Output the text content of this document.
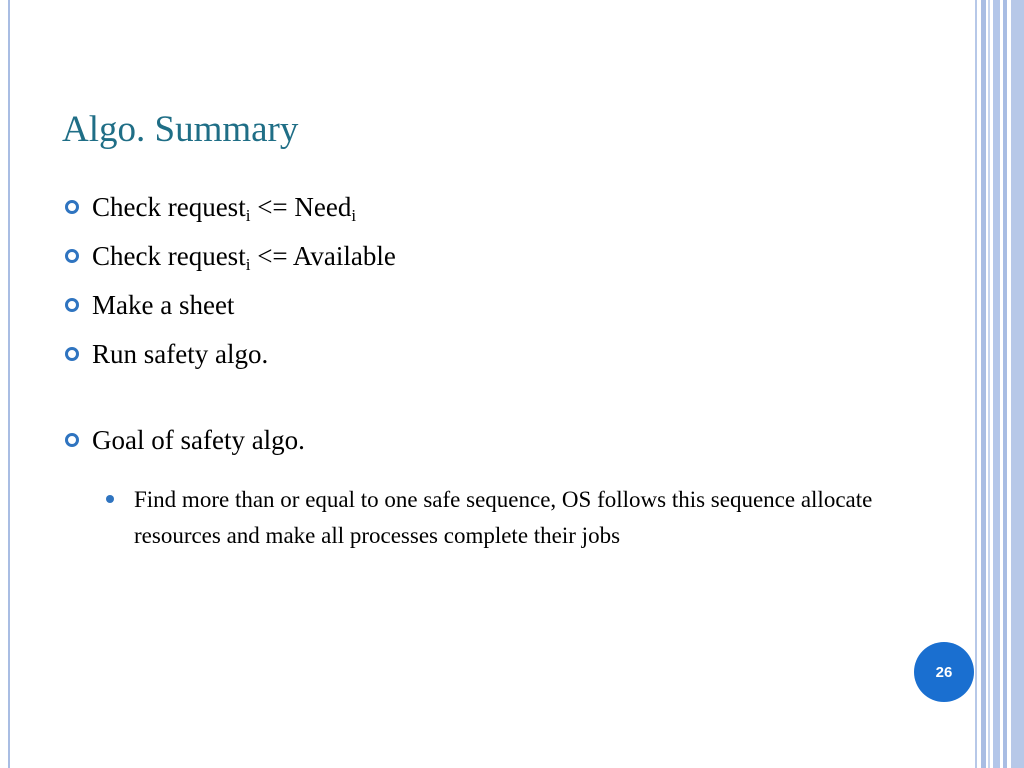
Algo. Summary
Check request$_i$ <= Need$_i$
Check request$_i$ <= Available
Make a sheet
Run safety algo.
Goal of safety algo.
Find more than or equal to one safe sequence, OS follows this sequence allocate resources and make all processes complete their jobs
26
